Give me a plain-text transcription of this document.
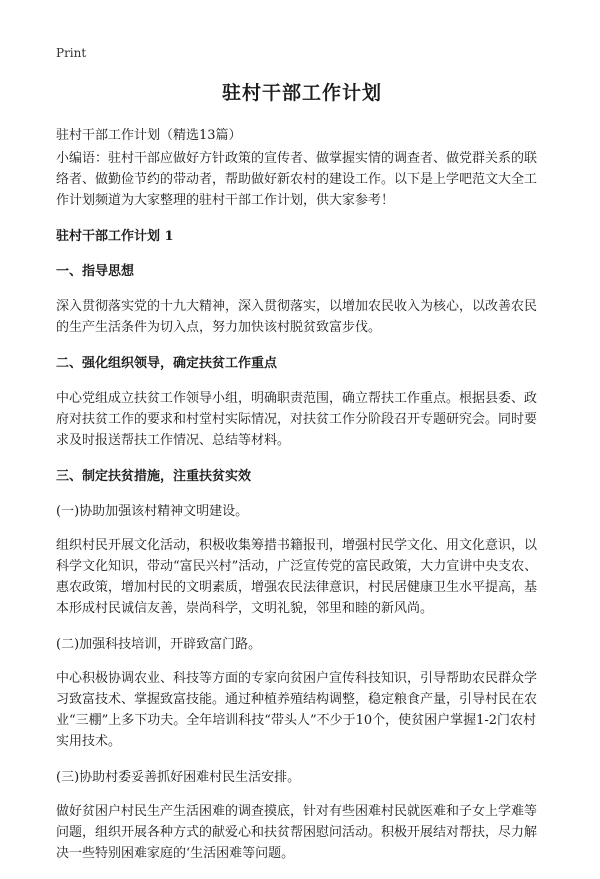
Print
驻村干部工作计划
驻村干部工作计划（精选13篇）

小编语：驻村干部应做好方针政策的宣传者、做掌握实情的调查者、做党群关系的联络者、做勤俭节约的带动者，帮助做好新农村的建设工作。以下是上学吧范文大全工作计划频道为大家整理的驻村干部工作计划，供大家参考！

驻村干部工作计划 1

一、指导思想

深入贯彻落实党的十九大精神，深入贯彻落实，以增加农民收入为核心，以改善农民的生产生活条件为切入点，努力加快该村脱贫致富步伐。

二、强化组织领导，确定扶贫工作重点

中心党组成立扶贫工作领导小组，明确职责范围，确立帮扶工作重点。根据县委、政府对扶贫工作的要求和村堂村实际情况，对扶贫工作分阶段召开专题研究会。同时要求及时报送帮扶工作情况、总结等材料。

三、制定扶贫措施，注重扶贫实效

(一)协助加强该村精神文明建设。

组织村民开展文化活动，积极收集筹措书籍报刊，增强村民学文化、用文化意识，以科学文化知识，带动“富民兴村”活动，广泛宣传党的富民政策，大力宣讲中央支农、惠农政策，增加村民的文明素质，增强农民法律意识，村民居健康卫生水平提高，基本形成村民诚信友善，崇尚科学，文明礼貌，邻里和睦的新风尚。

(二)加强科技培训，开辟致富门路。

中心积极协调农业、科技等方面的专家向贫困户宣传科技知识，引导帮助农民群众学习致富技术、掌握致富技能。通过种植养殖结构调整，稳定粮食产量，引导村民在农业“三棚”上多下功夫。全年培训科技“带头人”不少于10个，使贫困户掌握1-2门农村实用技术。

(三)协助村委妥善抓好困难村民生活安排。

做好贫困户村民生产生活困难的调查摸底，针对有些困难村民就医难和子女上学难等问题，组织开展各种方式的献爱心和扶贫帮困慰问活动。积极开展结对帮扶，尽力解决一些特别困难家庭的‘生活困难等问题。
